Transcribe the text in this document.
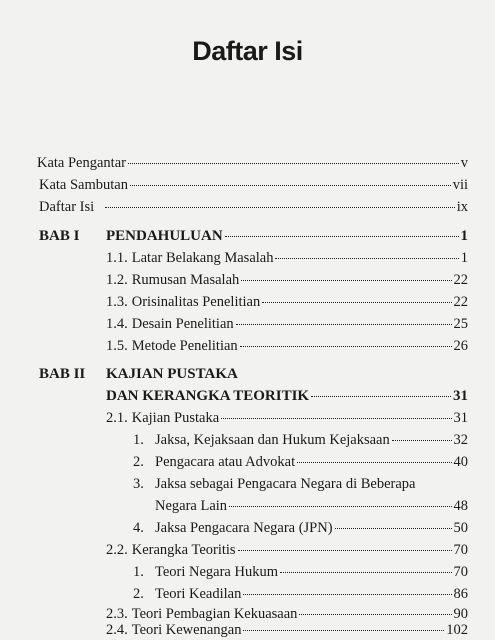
Daftar Isi
Kata Pengantar	v
Kata Sambutan	vii
Daftar Isi	ix
BAB I PENDAHULUAN	1
1.1. Latar Belakang Masalah	1
1.2. Rumusan Masalah	22
1.3. Orisinalitas Penelitian	22
1.4. Desain Penelitian	25
1.5. Metode Penelitian	26
BAB II KAJIAN PUSTAKA
DAN KERANGKA TEORITIK	31
2.1. Kajian Pustaka	31
1. Jaksa, Kejaksaan dan Hukum Kejaksaan	32
2. Pengacara atau Advokat	40
3. Jaksa sebagai Pengacara Negara di Beberapa
Negara Lain	48
4. Jaksa Pengacara Negara (JPN)	50
2.2. Kerangka Teoritis	70
1. Teori Negara Hukum	70
2. Teori Keadilan	86
2.3. Teori Pembagian Kekuasaan	90
2.4. Teori Kewenangan	102
